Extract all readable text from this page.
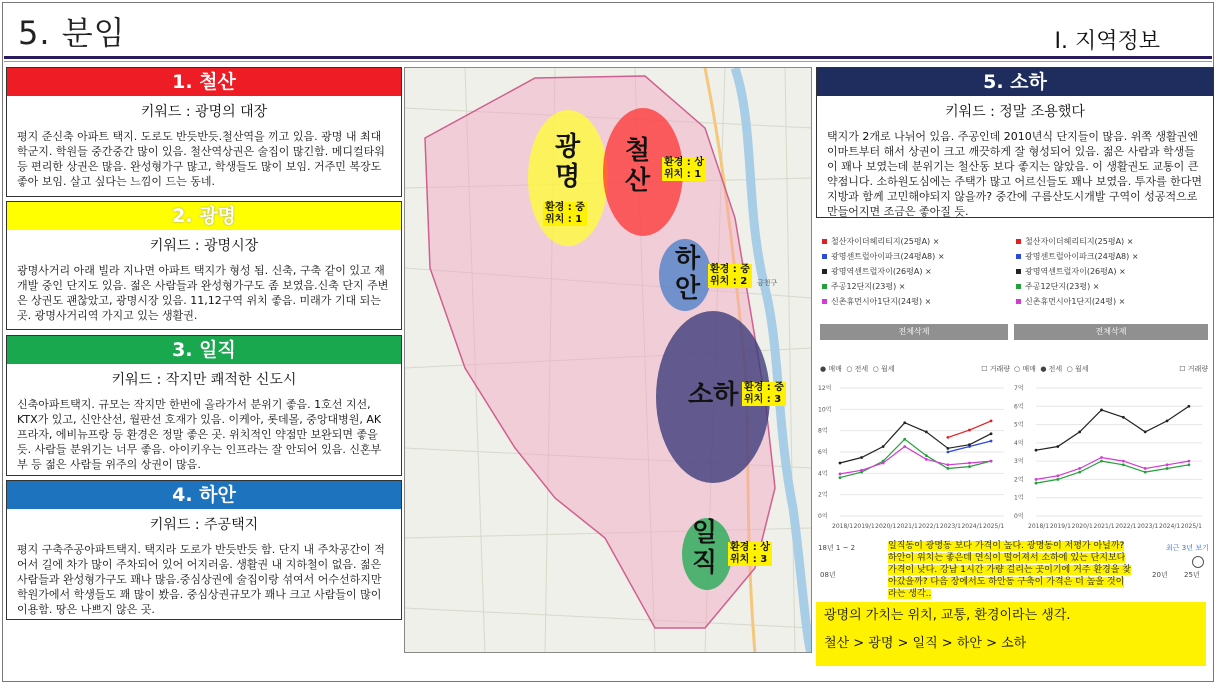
5. 분임	Ⅰ. 지역정보
1. 철산
키워드 : 광명의 대장
평지 준신축 아파트 택지. 도로도 반듯반듯.철산역을 끼고 있음. 광명 내 최대 학군지. 학원들 중간중간 많이 있음. 철산역상권은 술집이 많긴함. 메디컬타워 등 편리한 상권은 많음. 완성형가구 많고, 학생들도 많이 보임. 거주민 복장도 좋아 보임. 살고 싶다는 느낌이 드는 동네.
2. 광명
키워드 : 광명시장
광명사거리 아래 빌라 지나면 아파트 택지가 형성 됨. 신축, 구축 같이 있고 재개발 중인 단지도 있음. 젊은 사람들과 완성형가구도 좀 보였음.신축 단지 주변은 상권도 괜찮았고, 광명시장 있음. 11,12구역 위치 좋음. 미래가 기대 되는 곳. 광명사거리역 가지고 있는 생활권.
3. 일직
키워드 : 작지만 쾌적한 신도시
신축아파트택지. 규모는 작지만 한번에 올라가서 분위기 좋음. 1호선 지선, KTX가 있고, 신안산선, 월판선 호재가 있음. 이케아, 롯데몰, 중앙대병원, AK프라자, 에비뉴프랑 등 환경은 정말 좋은 곳. 위치적인 약점만 보완되면 좋을 듯. 사람들 분위기는 너무 좋음. 아이키우는 인프라는 잘 안되어 있음. 신혼부부 등 젊은 사람들 위주의 상권이 많음.
4. 하안
키워드 : 주공택지
평지 구축주공아파트택지. 택지라 도로가 반듯반듯 함. 단지 내 주차공간이 적어서 길에 차가 많이 주차되어 있어 어지러움. 생활권 내 지하철이 없음. 젊은 사람들과 완성형가구도 꽤나 많음.중심상권에 술집이랑 섞여서 어수선하지만 학원가에서 학생들도 꽤 많이 봤음. 중심상권규모가 꽤나 크고 사람들이 많이 이용함. 땅은 나쁘지 않은 곳.
광명
철산
하안
소하
일직
환경 : 중
위치 : 1
환경 : 상
위치 : 1
환경 : 중
위치 : 2
환경 : 중
위치 : 3
환경 : 상
위치 : 3
금천구
5. 소하
키워드 : 정말 조용했다
택지가 2개로 나뉘어 있음. 주공인데 2010년식 단지들이 많음. 위쪽 생활권엔 이마트부터 해서 상권이 크고 깨끗하게 잘 형성되어 있음. 젊은 사람과 학생들이 꽤나 보였는데 분위기는 철산동 보다 좋지는 않았음. 이 생활권도 교통이 큰 약점니다. 소하원도심에는 주택가 많고 어르신들도 꽤나 보였음. 투자를 한다면 지방과 함께 고민해야되지 않을까? 중간에 구름산도시개발 구역이 성공적으로 만들어지면 조금은 좋아질 듯.
철산자이더헤리티지(25평A)
×
광명센트럴아이파크(24평A8)
×
광명역센트럴자이(26평A)
×
주공12단지(23평)
×
신촌휴먼시아1단지(24평)
×
철산자이더헤리티지(25평A)
×
광명센트럴아이파크(24평A8)
×
광명역센트럴자이(26평A)
×
주공12단지(23평)
×
신촌휴먼시아1단지(24평)
×
전체삭제	전체삭제
● 매매 ○ 전세 ○ 월세	☐ 거래량 ○ 매매 ● 전세 ○ 월세	☐ 거래량
0억
2억
4억
6억
8억
10억
12억
2018/1 2019/1 2020/1 2021/1 2022/1 2023/1 2024/1 2025/1
0억
1억
2억
3억
4억
5억
6억
7억
2018/1 2019/1 2020/1 2021/1 2022/1 2023/1 2024/1 2025/1
18년 1 ~ 2	최근 3년 보기
08년	20년 25년
일직동이 광명동 보다 가격이 높다. 광명동이 저평가 아닐까? 하안이 위치는 좋은데 연식이 떨어져서 소하에 있는 단지보다 가격이 낮다. 강남 1시간 가량 걸리는 곳이기에 거주 환경을 찾아갔을까? 다음 장에서도 하안동 구축이 가격은 더 높을 것이라는 생각..
광명의 가치는 위치, 교통, 환경이라는 생각.
철산 > 광명 > 일직 > 하안 > 소하
